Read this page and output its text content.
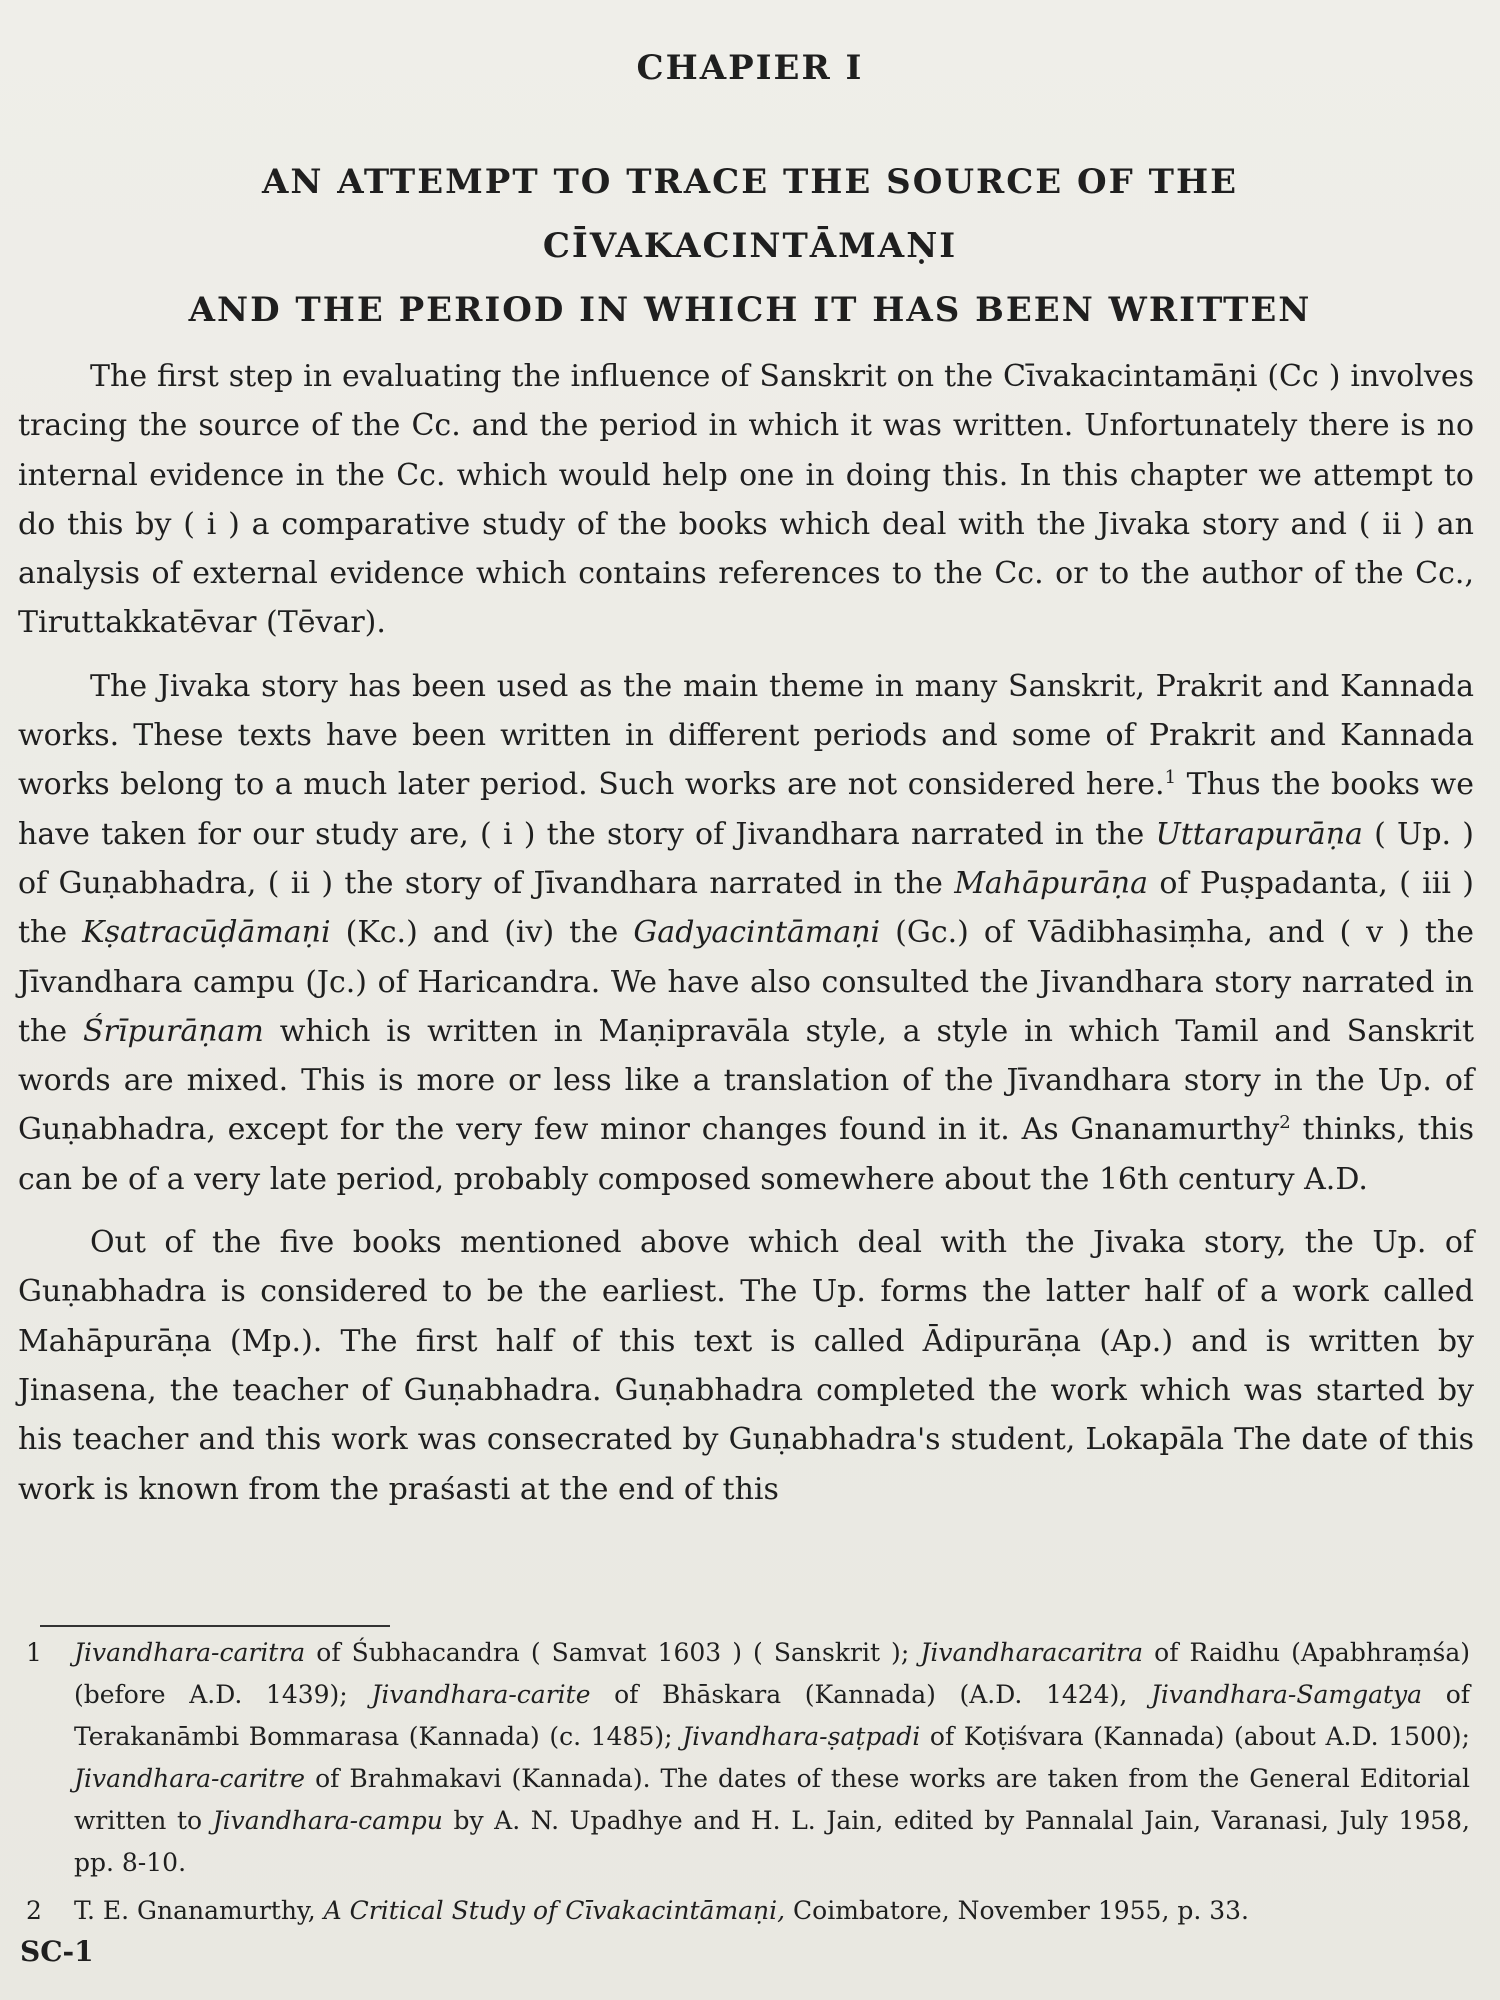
CHAPIER I
AN ATTEMPT TO TRACE THE SOURCE OF THE CĪVAKACINTĀMAṆI
AND THE PERIOD IN WHICH IT HAS BEEN WRITTEN

The first step in evaluating the influence of Sanskrit on the Cīvakacintamāṇi (Cc ) involves tracing the source of the Cc. and the period in which it was written. Unfortunately there is no internal evidence in the Cc. which would help one in doing this. In this chapter we attempt to do this by ( i ) a comparative study of the books which deal with the Jivaka story and ( ii ) an analysis of external evidence which contains references to the Cc. or to the author of the Cc., Tiruttakkatēvar (Tēvar).

The Jivaka story has been used as the main theme in many Sanskrit, Prakrit and Kannada works. These texts have been written in different periods and some of Prakrit and Kannada works belong to a much later period. Such works are not considered here.$^1$ Thus the books we have taken for our study are, ( i ) the story of Jivandhara narrated in the Uttarapurāṇa ( Up. ) of Guṇabhadra, ( ii ) the story of Jīvandhara narrated in the Mahāpurāṇa of Puṣpadanta, ( iii ) the Kṣatracūḍāmaṇi (Kc.) and (iv) the Gadyacintāmaṇi (Gc.) of Vādibhasiṃha, and ( v ) the Jīvandhara campu (Jc.) of Haricandra. We have also consulted the Jivandhara story narrated in the Śrīpurāṇam which is written in Maṇipravāla style, a style in which Tamil and Sanskrit words are mixed. This is more or less like a translation of the Jīvandhara story in the Up. of Guṇabhadra, except for the very few minor changes found in it. As Gnanamurthy$^2$ thinks, this can be of a very late period, probably composed somewhere about the 16th century A.D.

Out of the five books mentioned above which deal with the Jivaka story, the Up. of Guṇabhadra is considered to be the earliest. The Up. forms the latter half of a work called Mahāpurāṇa (Mp.). The first half of this text is called Ādipurāṇa (Ap.) and is written by Jinasena, the teacher of Guṇabhadra. Guṇabhadra completed the work which was started by his teacher and this work was consecrated by Guṇabhadra's student, Lokapāla The date of this work is known from the praśasti at the end of this

1	Jivandhara-caritra of Śubhacandra ( Samvat 1603 ) ( Sanskrit ); Jivandharacaritra of Raidhu (Apabhraṃśa) (before A.D. 1439); Jivandhara-carite of Bhāskara (Kannada) (A.D. 1424), Jivandhara-Samgatya of Terakanāmbi Bommarasa (Kannada) (c. 1485); Jivandhara-ṣaṭpadi of Koṭiśvara (Kannada) (about A.D. 1500); Jivandhara-caritre of Brahmakavi (Kannada). The dates of these works are taken from the General Editorial written to Jivandhara-campu by A. N. Upadhye and H. L. Jain, edited by Pannalal Jain, Varanasi, July 1958, pp. 8-10.
2	T. E. Gnanamurthy, A Critical Study of Cīvakacintāmaṇi, Coimbatore, November 1955, p. 33.
SC-1
